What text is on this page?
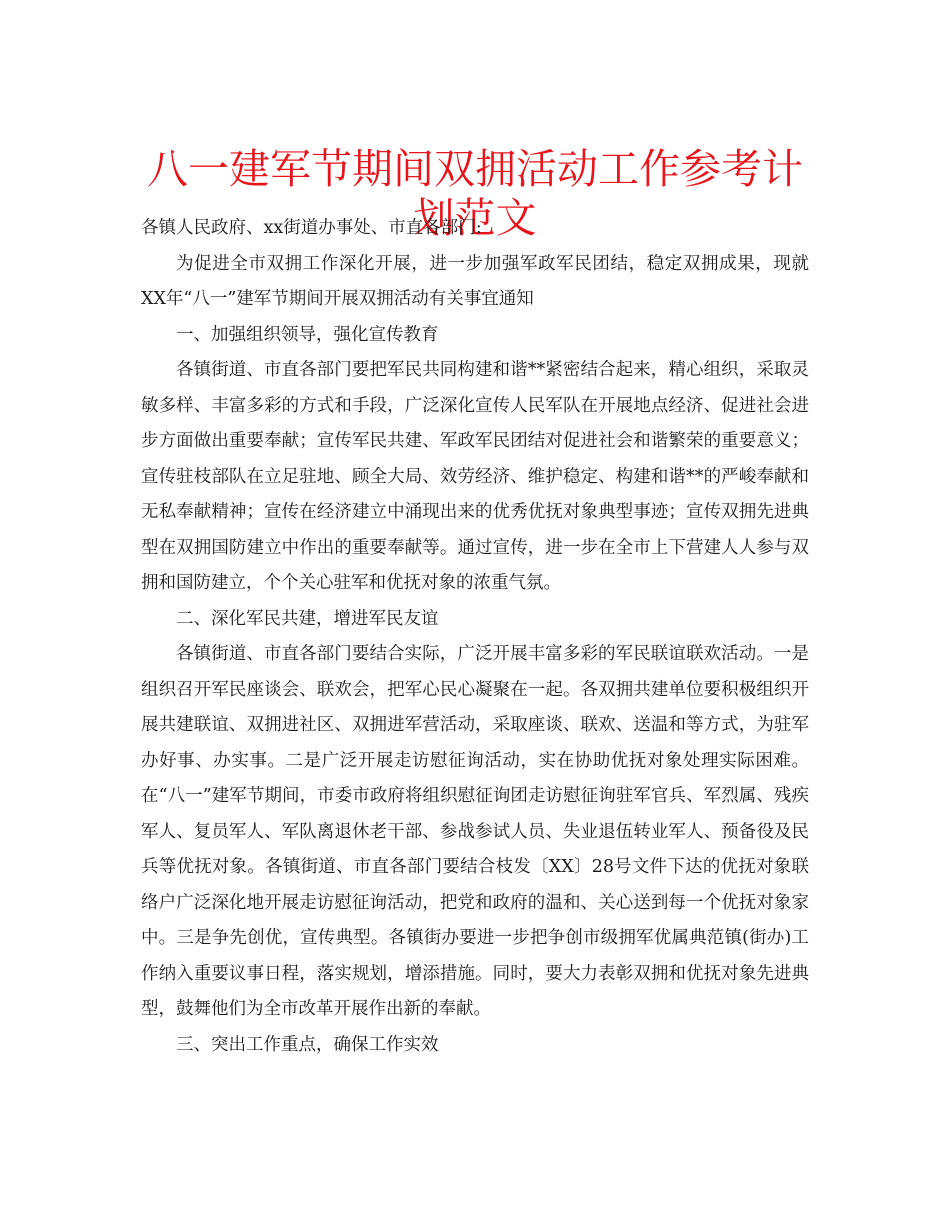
八一建军节期间双拥活动工作参考计划范文

各镇人民政府、xx街道办事处、市直各部门:

为促进全市双拥工作深化开展，进一步加强军政军民团结，稳定双拥成果，现就XX年“八一”建军节期间开展双拥活动有关事宜通知

一、加强组织领导，强化宣传教育

各镇街道、市直各部门要把军民共同构建和谐**紧密结合起来，精心组织，采取灵敏多样、丰富多彩的方式和手段，广泛深化宣传人民军队在开展地点经济、促进社会进步方面做出重要奉献；宣传军民共建、军政军民团结对促进社会和谐繁荣的重要意义；宣传驻枝部队在立足驻地、顾全大局、效劳经济、维护稳定、构建和谐**的严峻奉献和无私奉献精神；宣传在经济建立中涌现出来的优秀优抚对象典型事迹；宣传双拥先进典型在双拥国防建立中作出的重要奉献等。通过宣传，进一步在全市上下营建人人参与双拥和国防建立，个个关心驻军和优抚对象的浓重气氛。

二、深化军民共建，增进军民友谊

各镇街道、市直各部门要结合实际，广泛开展丰富多彩的军民联谊联欢活动。一是组织召开军民座谈会、联欢会，把军心民心凝聚在一起。各双拥共建单位要积极组织开展共建联谊、双拥进社区、双拥进军营活动，采取座谈、联欢、送温和等方式，为驻军办好事、办实事。二是广泛开展走访慰征询活动，实在协助优抚对象处理实际困难。在“八一”建军节期间，市委市政府将组织慰征询团走访慰征询驻军官兵、军烈属、残疾军人、复员军人、军队离退休老干部、参战参试人员、失业退伍转业军人、预备役及民兵等优抚对象。各镇街道、市直各部门要结合枝发〔XX〕28号文件下达的优抚对象联络户广泛深化地开展走访慰征询活动，把党和政府的温和、关心送到每一个优抚对象家中。三是争先创优，宣传典型。各镇街办要进一步把争创市级拥军优属典范镇(街办)工作纳入重要议事日程，落实规划，增添措施。同时，要大力表彰双拥和优抚对象先进典型，鼓舞他们为全市改革开展作出新的奉献。

三、突出工作重点，确保工作实效
